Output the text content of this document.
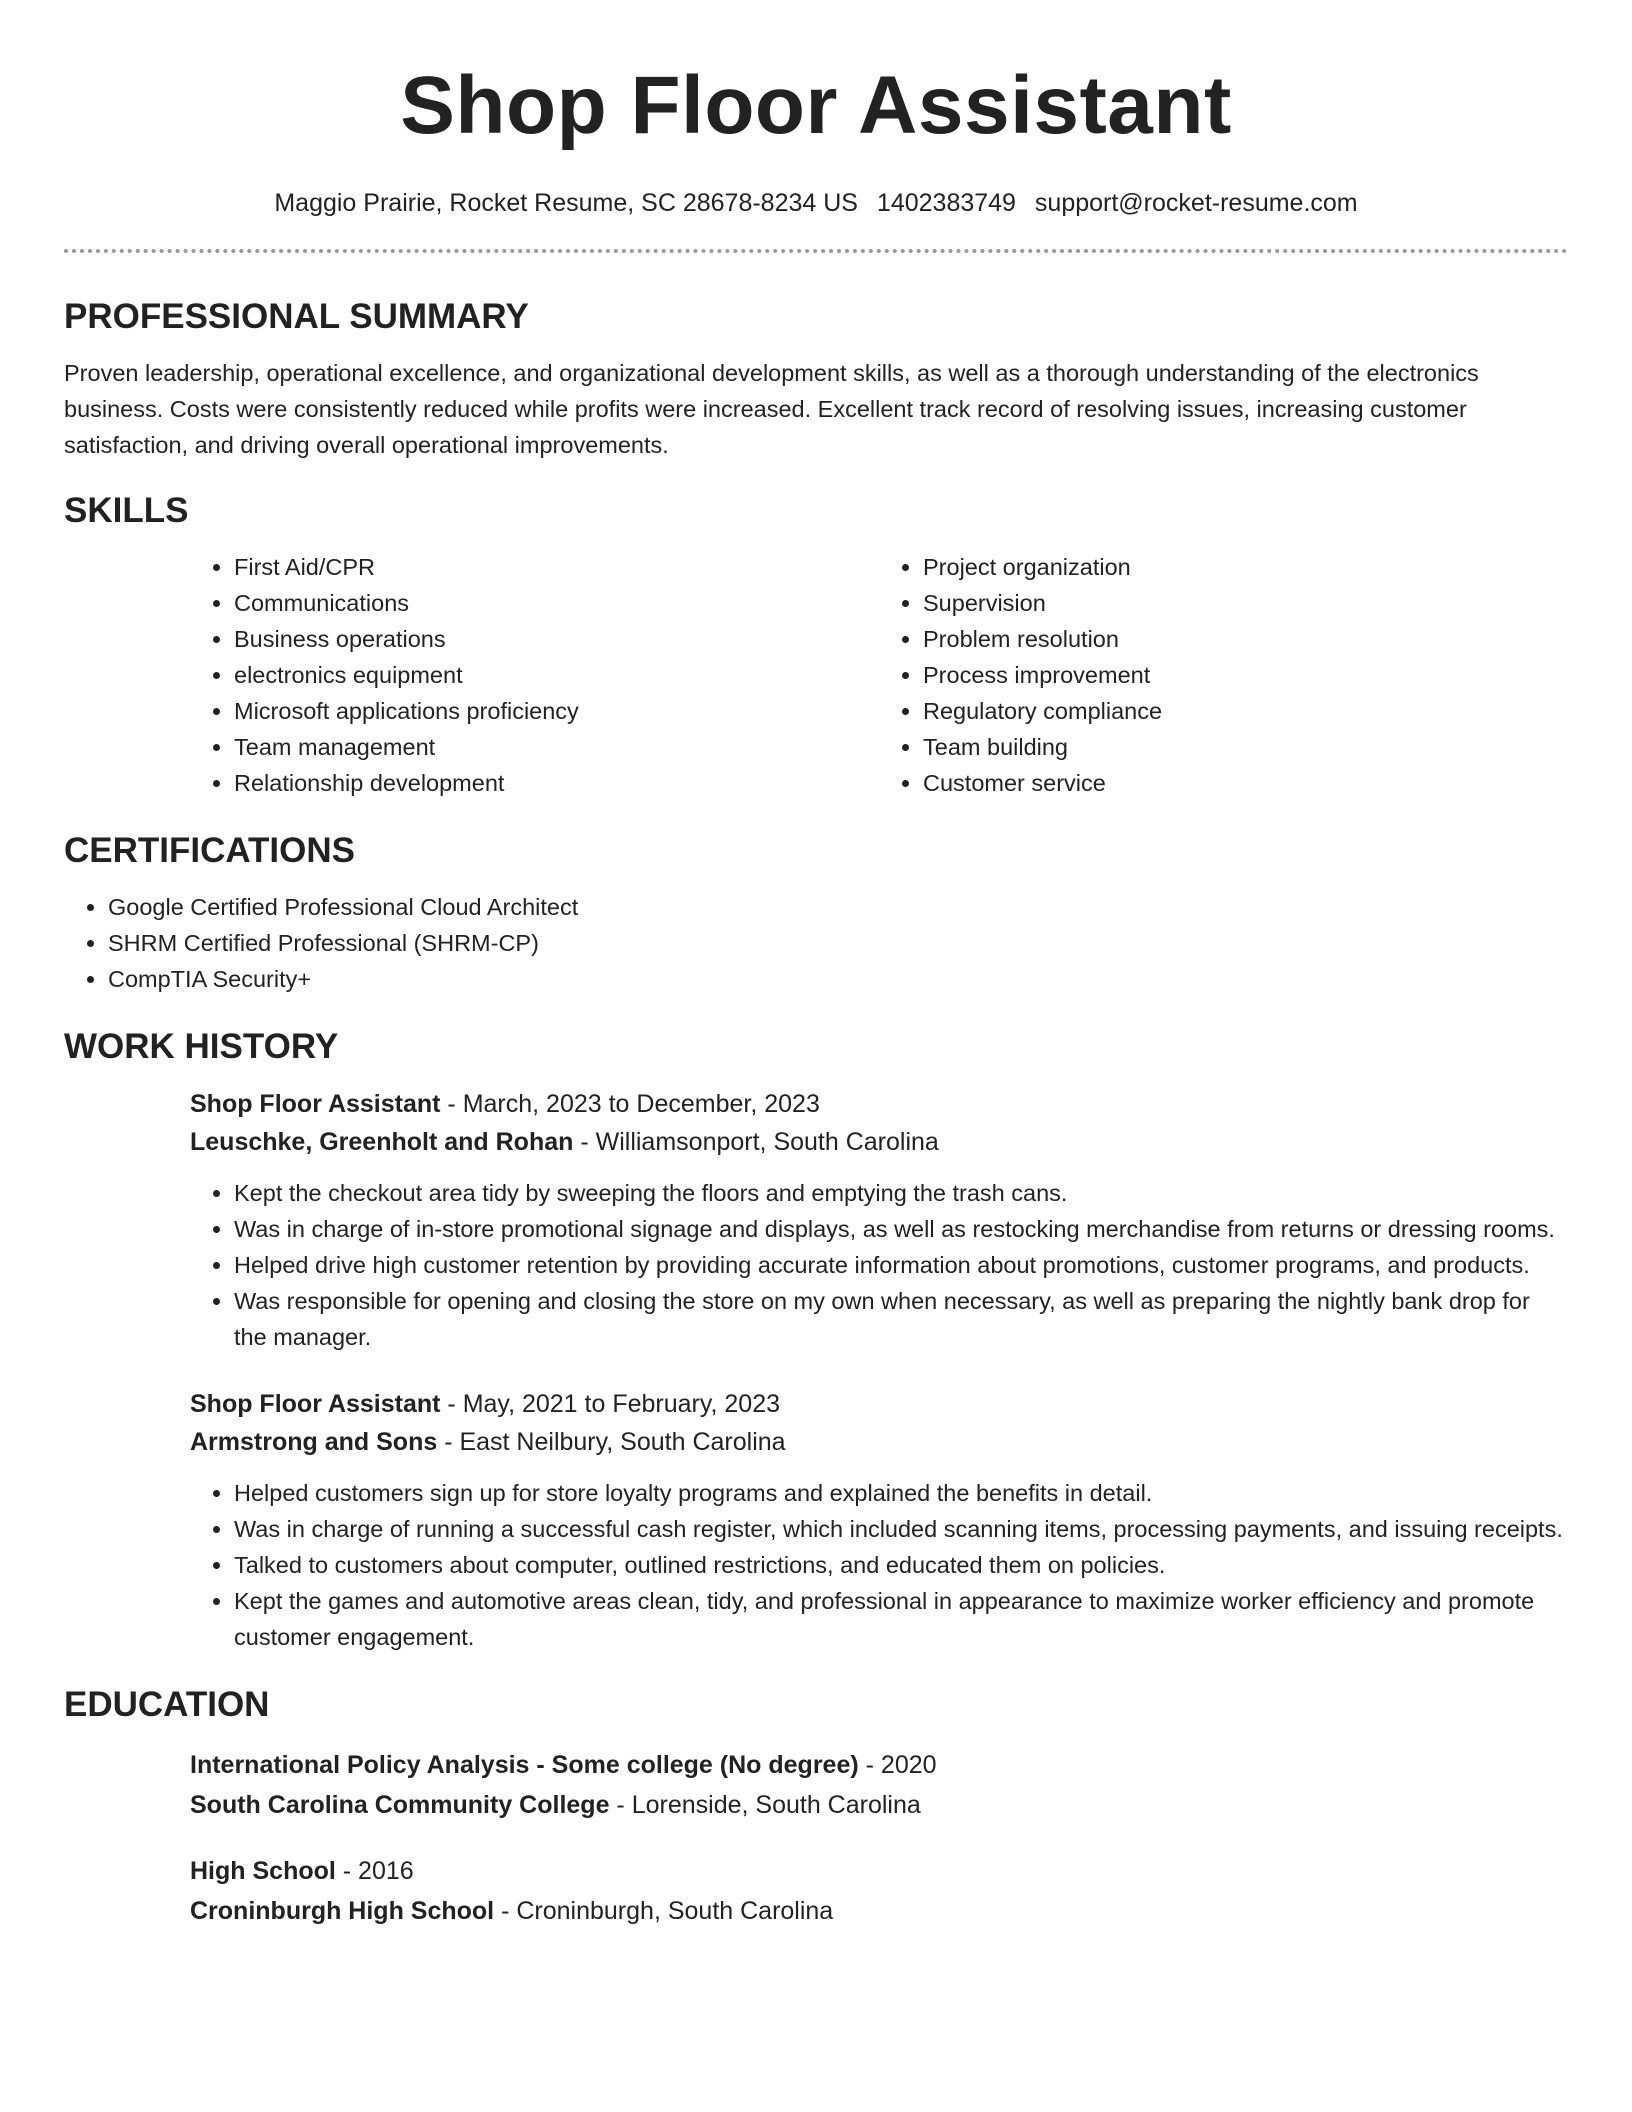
Shop Floor Assistant
Maggio Prairie, Rocket Resume, SC 28678-8234 US 1402383749 support@rocket-resume.com
PROFESSIONAL SUMMARY

Proven leadership, operational excellence, and organizational development skills, as well as a thorough understanding of the electronics business. Costs were consistently reduced while profits were increased. Excellent track record of resolving issues, increasing customer satisfaction, and driving overall operational improvements.

SKILLS
• First Aid/CPR
• Communications
• Business operations
• electronics equipment
• Microsoft applications proficiency
• Team management
• Relationship development
• Project organization
• Supervision
• Problem resolution
• Process improvement
• Regulatory compliance
• Team building
• Customer service
CERTIFICATIONS
• Google Certified Professional Cloud Architect
• SHRM Certified Professional (SHRM-CP)
• CompTIA Security+
WORK HISTORY

Shop Floor Assistant - March, 2023 to December, 2023

Leuschke, Greenholt and Rohan - Williamsonport, South Carolina

• Kept the checkout area tidy by sweeping the floors and emptying the trash cans.
• Was in charge of in-store promotional signage and displays, as well as restocking merchandise from returns or dressing rooms.
• Helped drive high customer retention by providing accurate information about promotions, customer programs, and products.
• Was responsible for opening and closing the store on my own when necessary, as well as preparing the nightly bank drop for the manager.

Shop Floor Assistant - May, 2021 to February, 2023

Armstrong and Sons - East Neilbury, South Carolina

• Helped customers sign up for store loyalty programs and explained the benefits in detail.
• Was in charge of running a successful cash register, which included scanning items, processing payments, and issuing receipts.
• Talked to customers about computer, outlined restrictions, and educated them on policies.
• Kept the games and automotive areas clean, tidy, and professional in appearance to maximize worker efficiency and promote customer engagement.
EDUCATION

International Policy Analysis - Some college (No degree) - 2020

South Carolina Community College - Lorenside, South Carolina

High School - 2016

Croninburgh High School - Croninburgh, South Carolina
